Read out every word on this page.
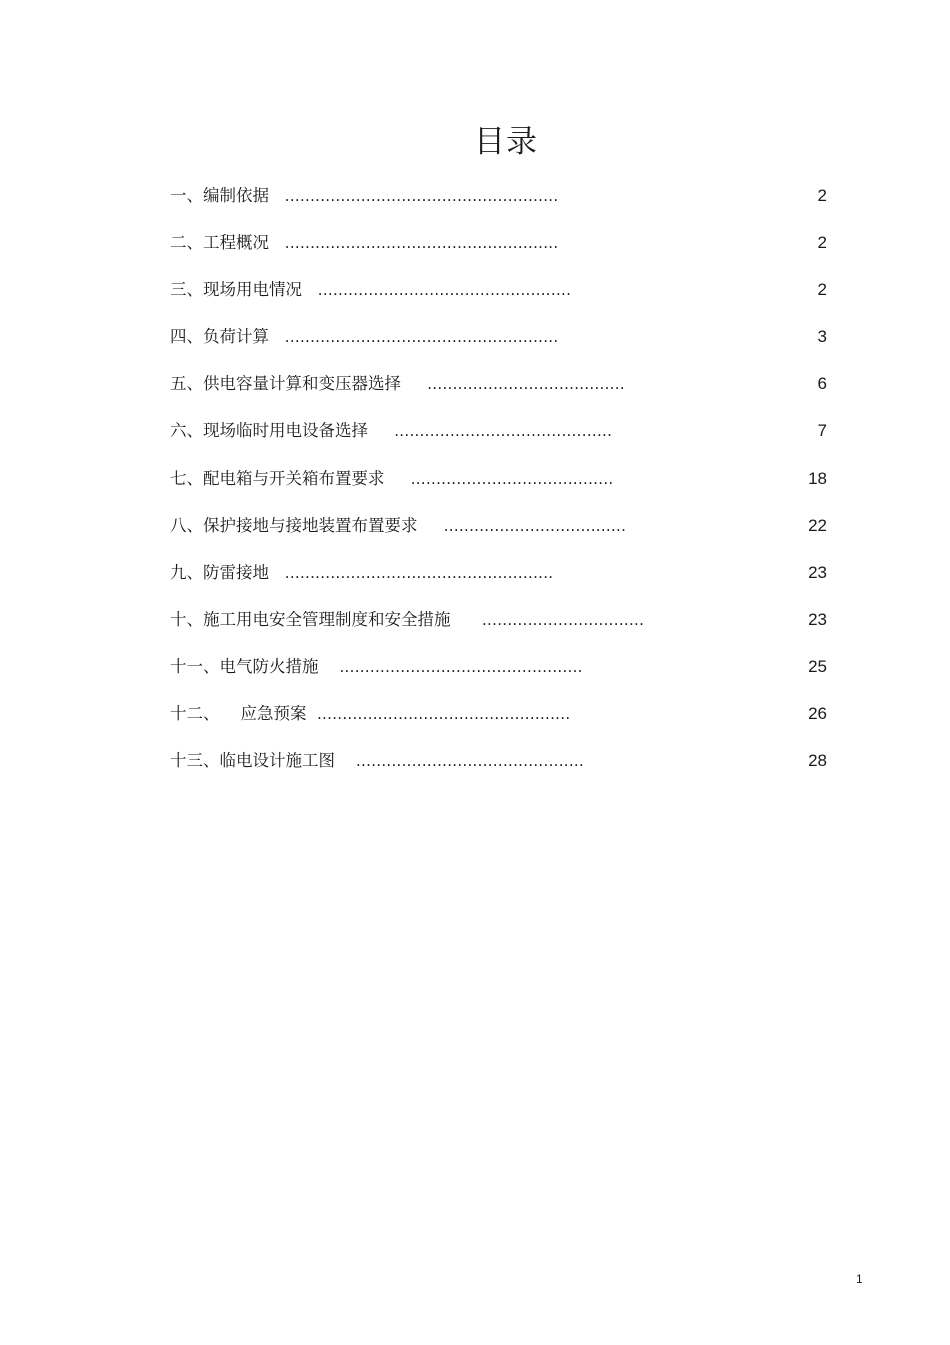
目录
一、编制依据 ......................................................	2
二、工程概况 ......................................................	2
三、现场用电情况 ..................................................	2
四、负荷计算 ......................................................	3
五、供电容量计算和变压器选择 .......................................	6
六、现场临时用电设备选择 ...........................................	7
七、配电箱与开关箱布置要求 ........................................	18
八、保护接地与接地装置布置要求 ....................................	22
九、防雷接地 .....................................................	23
十、施工用电安全管理制度和安全措施 ................................	23
十一、电气防火措施 ................................................	25
十二、    应急预案 ..................................................	26
十三、临电设计施工图 .............................................	28
1
